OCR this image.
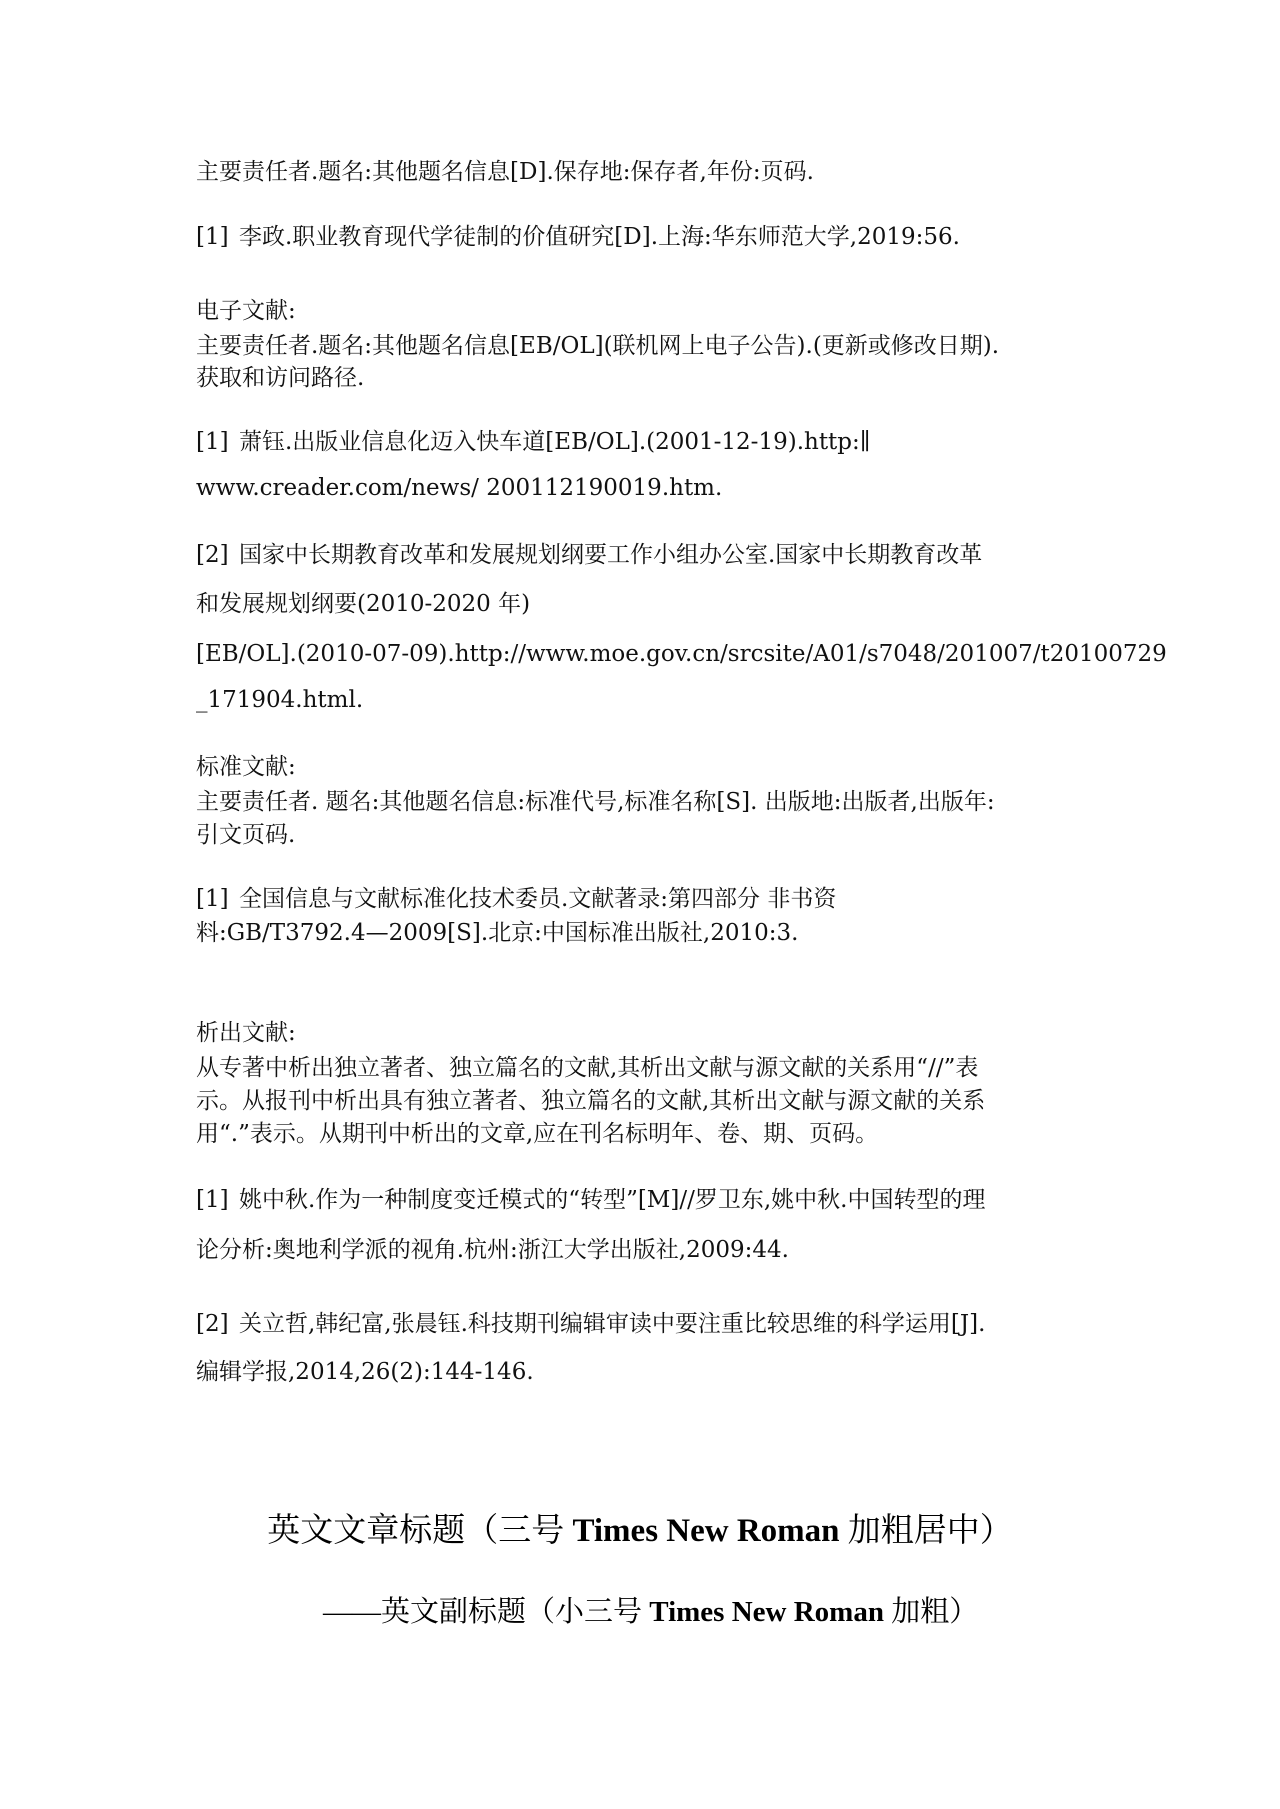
主要责任者.题名:其他题名信息[D].保存地:保存者,年份:页码.
[1] 李政.职业教育现代学徒制的价值研究[D].上海:华东师范大学,2019:56.
电子文献:
主要责任者.题名:其他题名信息[EB/OL](联机网上电子公告).(更新或修改日期).
获取和访问路径.
[1] 萧钰.出版业信息化迈入快车道[EB/OL].(2001-12-19).http:∥
www.creader.com/news/ 200112190019.htm.
[2] 国家中长期教育改革和发展规划纲要工作小组办公室.国家中长期教育改革
和发展规划纲要(2010-2020 年)
[EB/OL].(2010-07-09).http://www.moe.gov.cn/srcsite/A01/s7048/201007/t20100729
_171904.html.
标准文献:
主要责任者. 题名:其他题名信息:标准代号,标准名称[S]. 出版地:出版者,出版年:
引文页码.
[1] 全国信息与文献标准化技术委员.文献著录:第四部分 非书资
料:GB/T3792.4—2009[S].北京:中国标准出版社,2010:3.
析出文献:
从专著中析出独立著者、独立篇名的文献,其析出文献与源文献的关系用“//”表
示。从报刊中析出具有独立著者、独立篇名的文献,其析出文献与源文献的关系
用“.”表示。从期刊中析出的文章,应在刊名标明年、卷、期、页码。
[1] 姚中秋.作为一种制度变迁模式的“转型”[M]//罗卫东,姚中秋.中国转型的理
论分析:奥地利学派的视角.杭州:浙江大学出版社,2009:44.
[2] 关立哲,韩纪富,张晨钰.科技期刊编辑审读中要注重比较思维的科学运用[J].
编辑学报,2014,26(2):144-146.
英文文章标题（三号 Times New Roman 加粗居中）
——英文副标题（小三号 Times New Roman 加粗）
